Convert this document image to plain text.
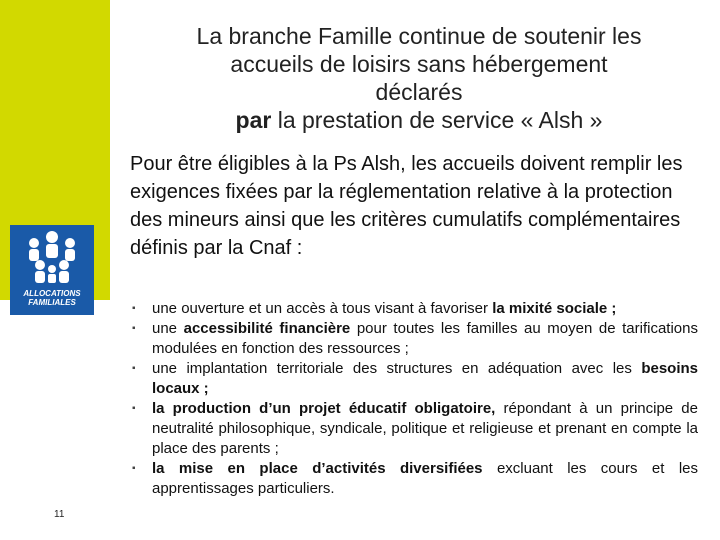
ALLOCATIONS
FAMILIALES
11
La branche Famille continue de soutenir les
accueils de loisirs sans hébergement
déclarés
par la prestation de service « Alsh »
Pour être éligibles à la Ps Alsh, les accueils doivent remplir les exigences fixées par la réglementation relative à la protection des mineurs ainsi que les critères cumulatifs complémentaires définis par la Cnaf :
▪ une ouverture et un accès à tous visant à favoriser la mixité sociale ;
▪ une accessibilité financière pour toutes les familles au moyen de tarifications modulées en fonction des ressources ;
▪ une implantation territoriale des structures en adéquation avec les besoins locaux ;
▪ la production d’un projet éducatif obligatoire, répondant à un principe de neutralité philosophique, syndicale, politique et religieuse et prenant en compte la place des parents ;
▪ la mise en place d’activités diversifiées excluant les cours et les apprentissages particuliers.
